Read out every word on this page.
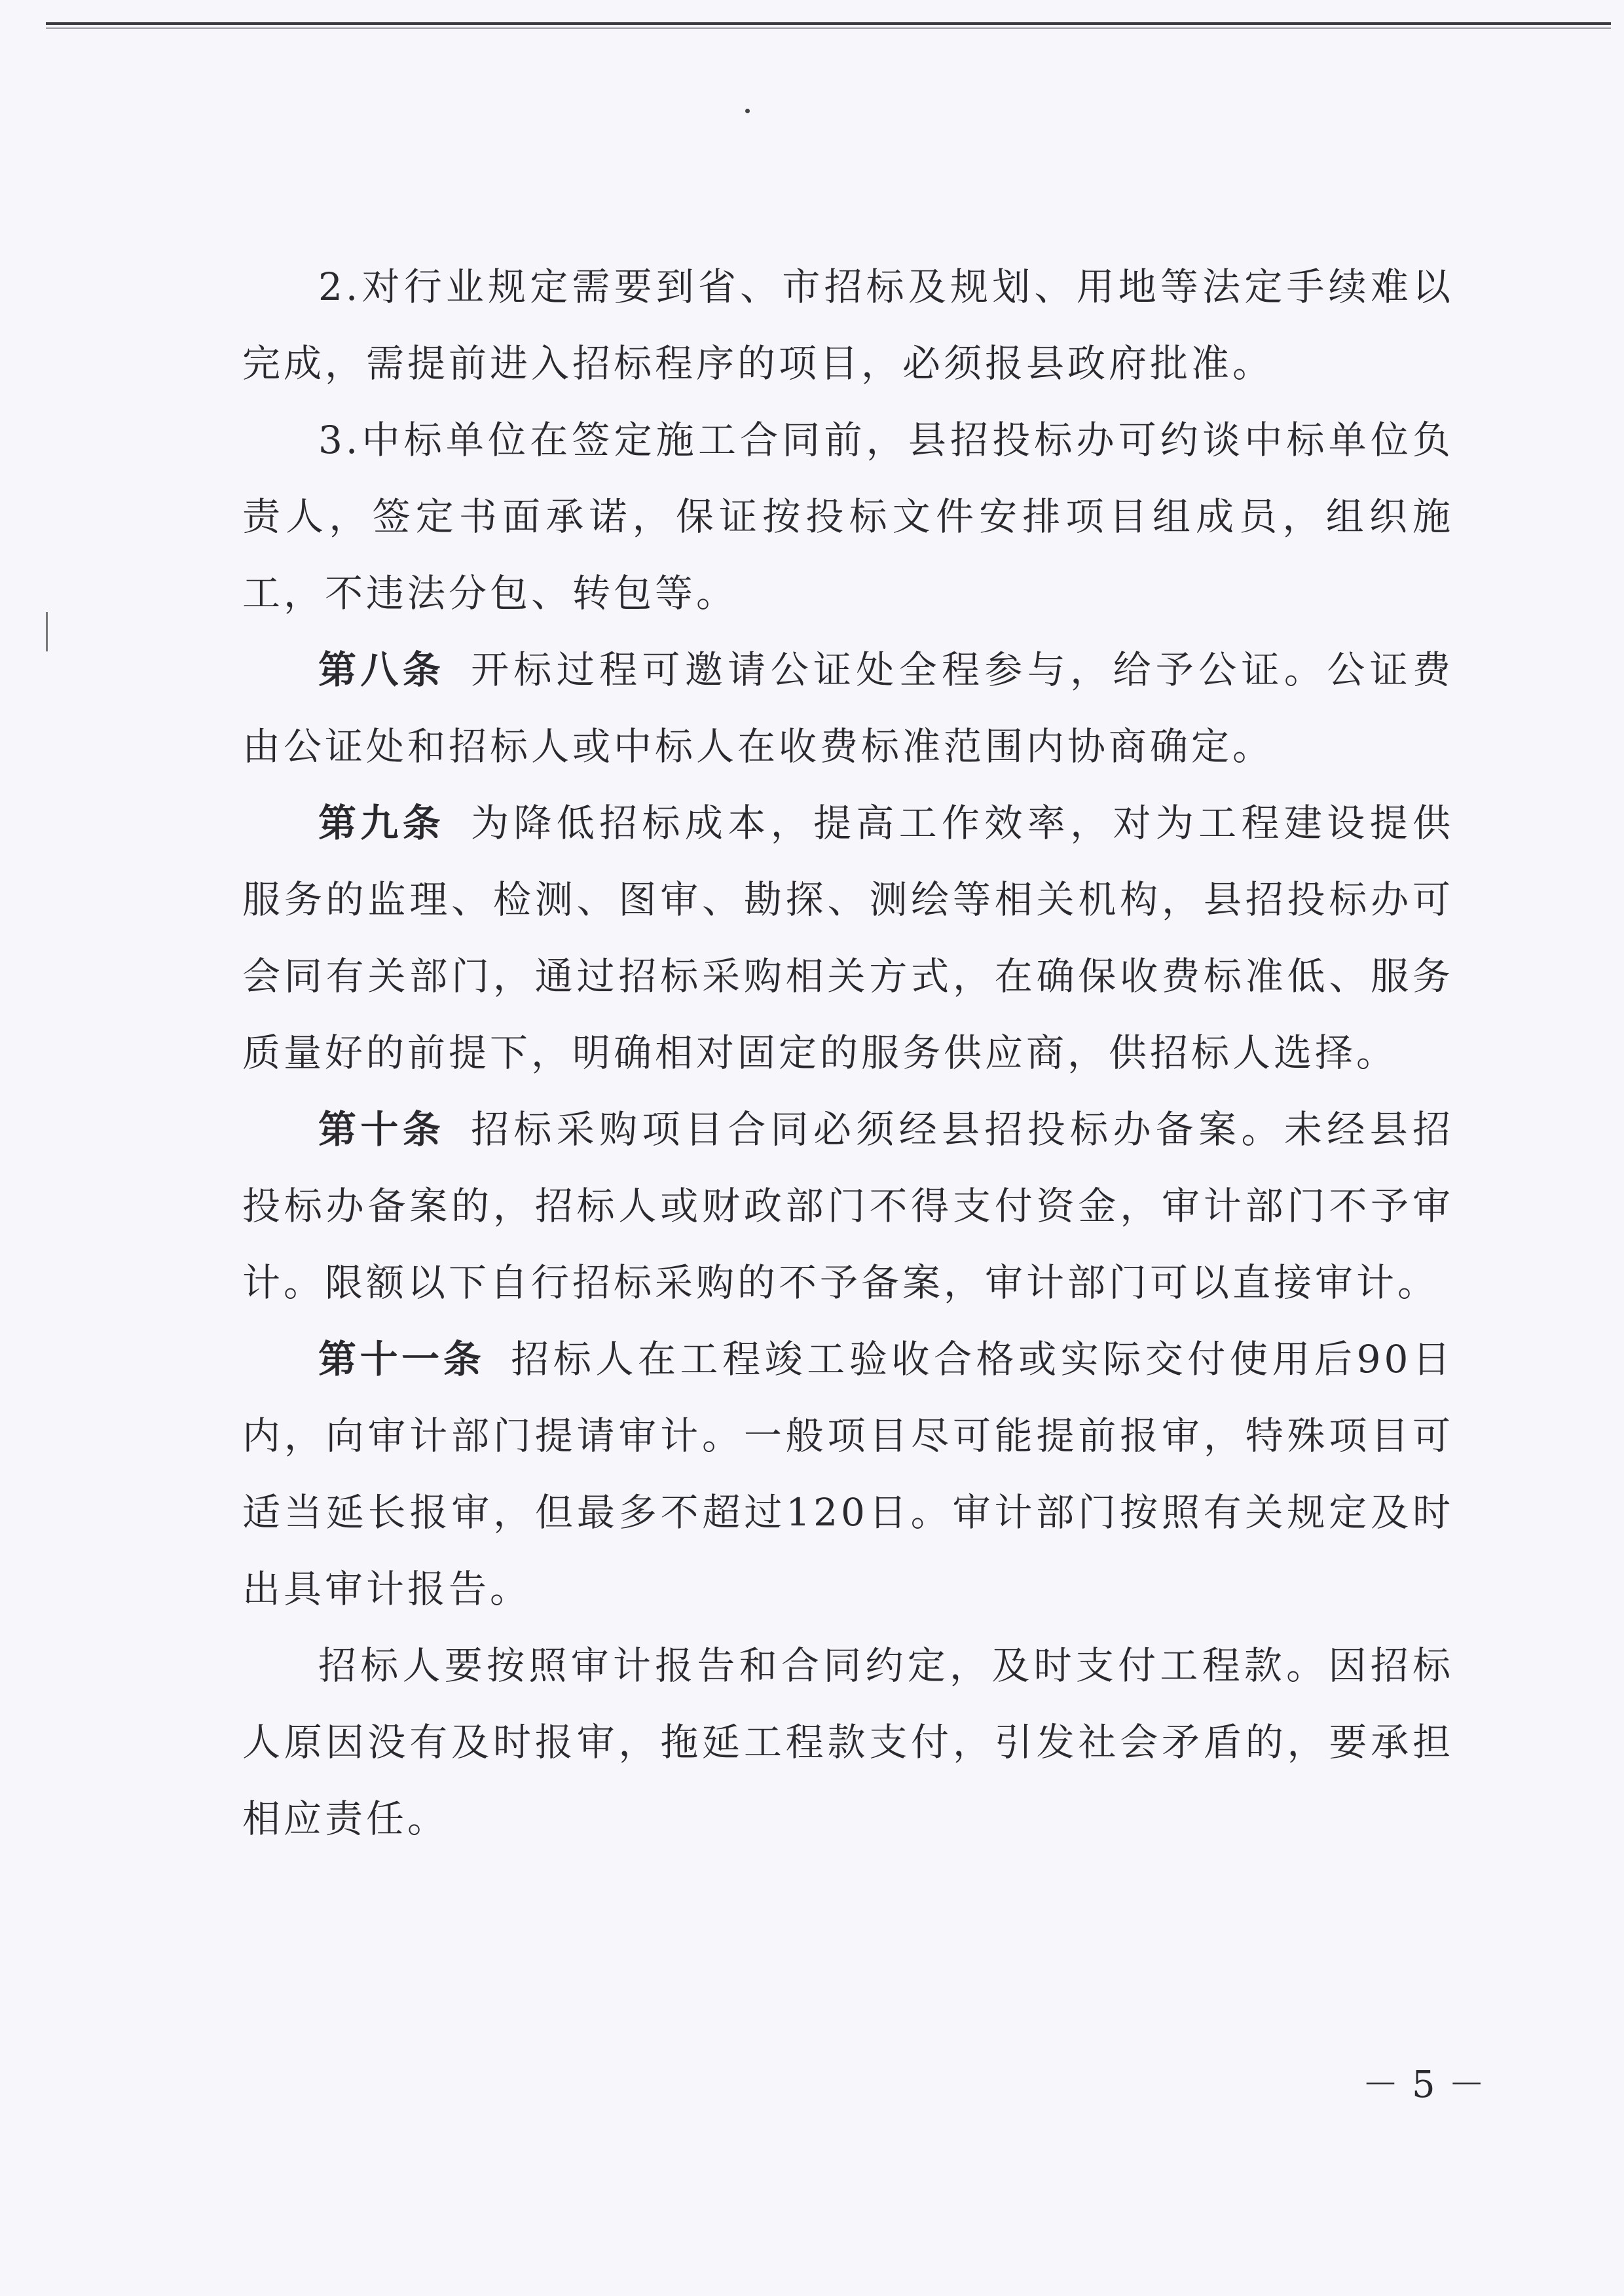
2.对行业规定需要到省、市招标及规划、用地等法定手续难以完成，需提前进入招标程序的项目，必须报县政府批准。

3.中标单位在签定施工合同前，县招投标办可约谈中标单位负责人，签定书面承诺，保证按投标文件安排项目组成员，组织施工，不违法分包、转包等。

第八条 开标过程可邀请公证处全程参与，给予公证。公证费由公证处和招标人或中标人在收费标准范围内协商确定。

第九条 为降低招标成本，提高工作效率，对为工程建设提供服务的监理、检测、图审、勘探、测绘等相关机构，县招投标办可会同有关部门，通过招标采购相关方式，在确保收费标准低、服务质量好的前提下，明确相对固定的服务供应商，供招标人选择。

第十条 招标采购项目合同必须经县招投标办备案。未经县招投标办备案的，招标人或财政部门不得支付资金，审计部门不予审计。限额以下自行招标采购的不予备案，审计部门可以直接审计。

第十一条 招标人在工程竣工验收合格或实际交付使用后90日内，向审计部门提请审计。一般项目尽可能提前报审，特殊项目可适当延长报审，但最多不超过120日。审计部门按照有关规定及时出具审计报告。

招标人要按照审计报告和合同约定，及时支付工程款。因招标人原因没有及时报审，拖延工程款支付，引发社会矛盾的，要承担相应责任。

－5－
